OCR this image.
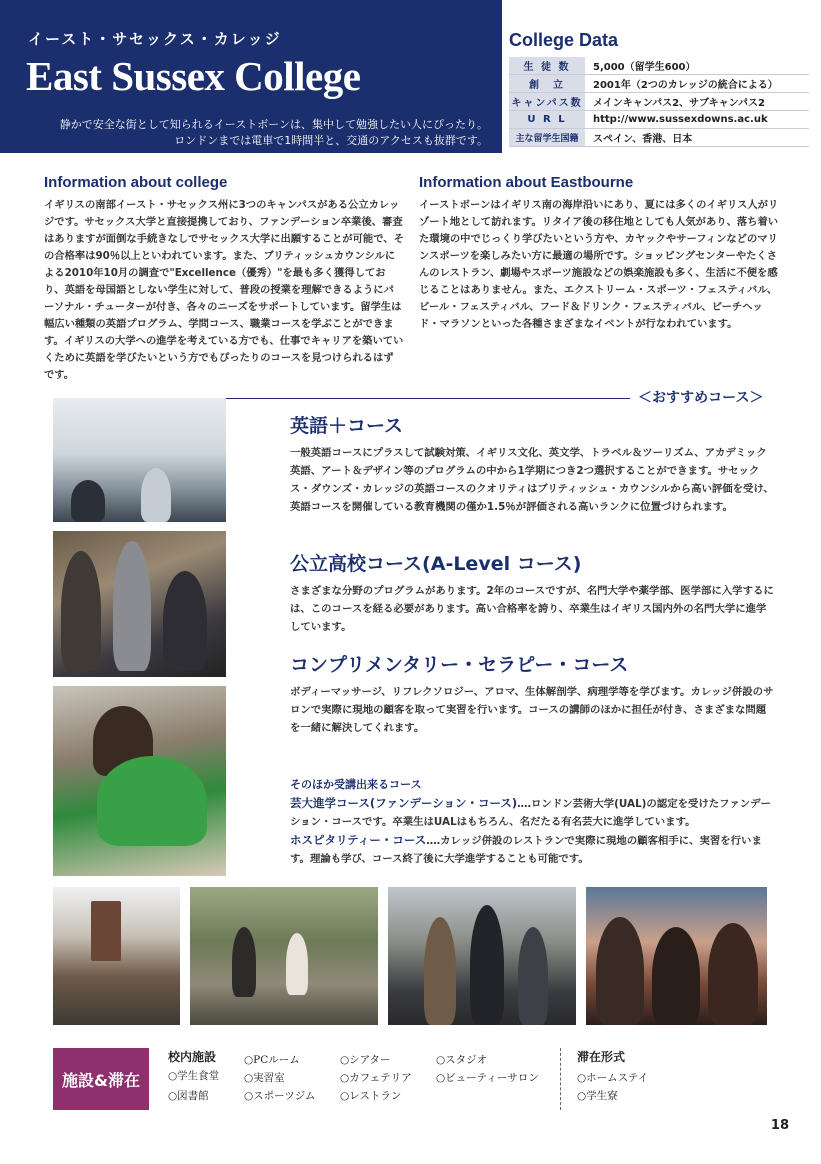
イースト・サセックス・カレッジ
East Sussex College
静かで安全な街として知られるイーストボーンは、集中して勉強したい人にぴったり。
ロンドンまでは電車で1時間半と、交通のアクセスも抜群です。
College Data
生 徒 数	5,000（留学生600）
創　立	2001年（2つのカレッジの統合による）
キャンパス数	メインキャンパス2、サブキャンパス2
U R L	http://www.sussexdowns.ac.uk
主な留学生国籍	スペイン、香港、日本
Information about college

イギリスの南部イースト・サセックス州に3つのキャンパスがある公立カレッジです。サセックス大学と直接提携しており、ファンデーション卒業後、審査はありますが面倒な手続きなしでサセックス大学に出願することが可能で、その合格率は90％以上といわれています。また、ブリティッシュカウンシルによる2010年10月の調査で"Excellence（優秀）"を最も多く獲得しており、英語を母国語としない学生に対して、普段の授業を理解できるようにパーソナル・チューターが付き、各々のニーズをサポートしています。留学生は幅広い種類の英語プログラム、学問コース、職業コースを学ぶことができます。イギリスの大学への進学を考えている方でも、仕事でキャリアを築いていくために英語を学びたいという方でもぴったりのコースを見つけられるはずです。

Information about Eastbourne

イーストボーンはイギリス南の海岸沿いにあり、夏には多くのイギリス人がリゾート地として訪れます。リタイア後の移住地としても人気があり、落ち着いた環境の中でじっくり学びたいという方や、カヤックやサーフィンなどのマリンスポーツを楽しみたい方に最適の場所です。ショッピングセンターやたくさんのレストラン、劇場やスポーツ施設などの娯楽施設も多く、生活に不便を感じることはありません。また、エクストリーム・スポーツ・フェスティバル、ビール・フェスティバル、フード＆ドリンク・フェスティバル、ビーチヘッド・マラソンといった各種さまざまなイベントが行なわれています。

＜おすすめコース＞
英語＋コース

一般英語コースにプラスして試験対策、イギリス文化、英文学、トラベル＆ツーリズム、アカデミック英語、アート＆デザイン等のプログラムの中から1学期につき2つ選択することができます。サセックス・ダウンズ・カレッジの英語コースのクオリティはブリティッシュ・カウンシルから高い評価を受け、英語コースを開催している教育機関の僅か1.5％が評価される高いランクに位置づけられます。

公立高校コース(A-Level コース)

さまざまな分野のプログラムがあります。2年のコースですが、名門大学や薬学部、医学部に入学するには、このコースを経る必要があります。高い合格率を誇り、卒業生はイギリス国内外の名門大学に進学しています。

コンプリメンタリー・セラピー・コース

ボディーマッサージ、リフレクソロジー、アロマ、生体解剖学、病理学等を学びます。カレッジ併設のサロンで実際に現地の顧客を取って実習を行います。コースの講師のほかに担任が付き、さまざまな問題を一緒に解決してくれます。

そのほか受講出来るコース
芸大進学コース(ファンデーション・コース)‥‥ロンドン芸術大学(UAL)の認定を受けたファンデーション・コースです。卒業生はUALはもちろん、名だたる有名芸大に進学しています。
ホスピタリティー・コース‥‥カレッジ併設のレストランで実際に現地の顧客相手に、実習を行います。理論も学び、コース終了後に大学進学することも可能です。
施設&滞在
校内施設
○学生食堂
○図書館
○PCルーム
○実習室
○スポーツジム
○シアター
○カフェテリア
○レストラン
○スタジオ
○ビューティーサロン
滞在形式
○ホームステイ
○学生寮
18
